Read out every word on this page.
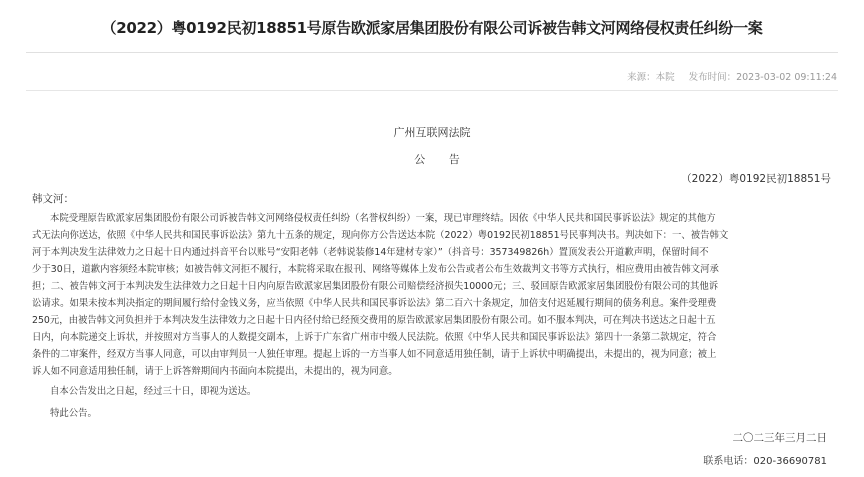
（2022）粤0192民初18851号原告欧派家居集团股份有限公司诉被告韩文河网络侵权责任纠纷一案
来源：本院 发布时间：2023-03-02 09:11:24
广州互联网法院
公 告
（2022）粤0192民初18851号
韩文河：
本院受理原告欧派家居集团股份有限公司诉被告韩文河网络侵权责任纠纷（名誉权纠纷）一案，现已审理终结。因依《中华人民共和国民事诉讼法》规定的其他方
式无法向你送达，依照《中华人民共和国民事诉讼法》第九十五条的规定，现向你方公告送达本院（2022）粤0192民初18851号民事判决书。判决如下：一、被告韩文
河于本判决发生法律效力之日起十日内通过抖音平台以账号“安阳老韩（老韩说装修14年建材专家）”（抖音号：357349826h）置顶发表公开道歉声明，保留时间不
少于30日，道歉内容须经本院审核；如被告韩文河拒不履行，本院将采取在报刊、网络等媒体上发布公告或者公布生效裁判文书等方式执行，相应费用由被告韩文河承
担；二、被告韩文河于本判决发生法律效力之日起十日内向原告欧派家居集团股份有限公司赔偿经济损失10000元；三、驳回原告欧派家居集团股份有限公司的其他诉
讼请求。如果未按本判决指定的期间履行给付金钱义务，应当依照《中华人民共和国民事诉讼法》第二百六十条规定，加倍支付迟延履行期间的债务利息。案件受理费
250元，由被告韩文河负担并于本判决发生法律效力之日起十日内径付给已经预交费用的原告欧派家居集团股份有限公司。如不服本判决，可在判决书送达之日起十五
日内，向本院递交上诉状，并按照对方当事人的人数提交副本，上诉于广东省广州市中级人民法院。依照《中华人民共和国民事诉讼法》第四十一条第二款规定，符合
条件的二审案件，经双方当事人同意，可以由审判员一人独任审理。提起上诉的一方当事人如不同意适用独任制，请于上诉状中明确提出，未提出的，视为同意；被上
诉人如不同意适用独任制，请于上诉答辩期间内书面向本院提出，未提出的，视为同意。
自本公告发出之日起，经过三十日，即视为送达。
特此公告。
二〇二三年三月二日
联系电话：020-36690781
